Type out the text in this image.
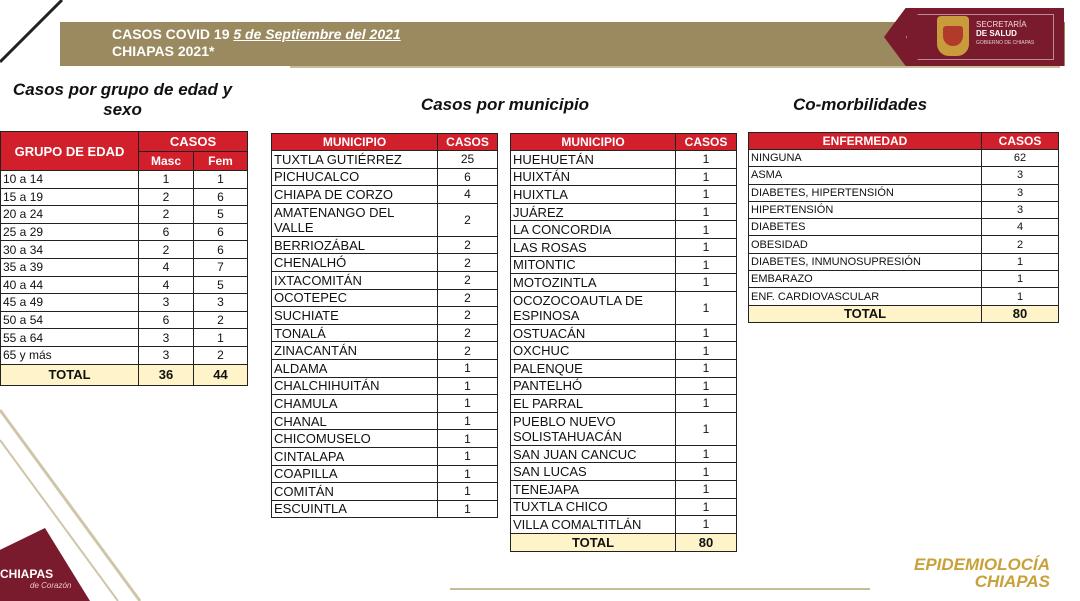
CASOS COVID 19 5 de Septiembre del 2021
CHIAPAS 2021*
SECRETARÍA
DE SALUD
GOBIERNO DE CHIAPAS
Casos por grupo de edad y sexo	Casos por municipio	Co-morbilidades
GRUPO DE EDAD	CASOS	
	Masc	Fem
10 a 14	1	1
15 a 19	2	6
20 a 24	2	5
25 a 29	6	6
30 a 34	2	6
35 a 39	4	7
40 a 44	4	5
45 a 49	3	3
50 a 54	6	2
55 a 64	3	1
65 y más	3	2
TOTAL	36	44
MUNICIPIO	CASOS
TUXTLA GUTIÉRREZ	25
PICHUCALCO	6
CHIAPA DE CORZO	4
AMATENANGO DEL VALLE	2
BERRIOZÁBAL	2
CHENALHÓ	2
IXTACOMITÁN	2
OCOTEPEC	2
SUCHIATE	2
TONALÁ	2
ZINACANTÁN	2
ALDAMA	1
CHALCHIHUITÁN	1
CHAMULA	1
CHANAL	1
CHICOMUSELO	1
CINTALAPA	1
COAPILLA	1
COMITÁN	1
ESCUINTLA	1
MUNICIPIO	CASOS
HUEHUETÁN	1
HUIXTÁN	1
HUIXTLA	1
JUÁREZ	1
LA CONCORDIA	1
LAS ROSAS	1
MITONTIC	1
MOTOZINTLA	1
OCOZOCOAUTLA DE ESPINOSA	1
OSTUACÁN	1
OXCHUC	1
PALENQUE	1
PANTELHÓ	1
EL PARRAL	1
PUEBLO NUEVO SOLISTAHUACÁN	1
SAN JUAN CANCUC	1
SAN LUCAS	1
TENEJAPA	1
TUXTLA CHICO	1
VILLA COMALTITLÁN	1
TOTAL	80
ENFERMEDAD	CASOS
NINGUNA	62
ASMA	3
DIABETES, HIPERTENSIÓN	3
HIPERTENSIÓN	3
DIABETES	4
OBESIDAD	2
DIABETES, INMUNOSUPRESIÓN	1
EMBARAZO	1
ENF. CARDIOVASCULAR	1
TOTAL	80
CHIAPAS
de Corazón
EPIDEMIOLOCÍA
CHIAPAS
